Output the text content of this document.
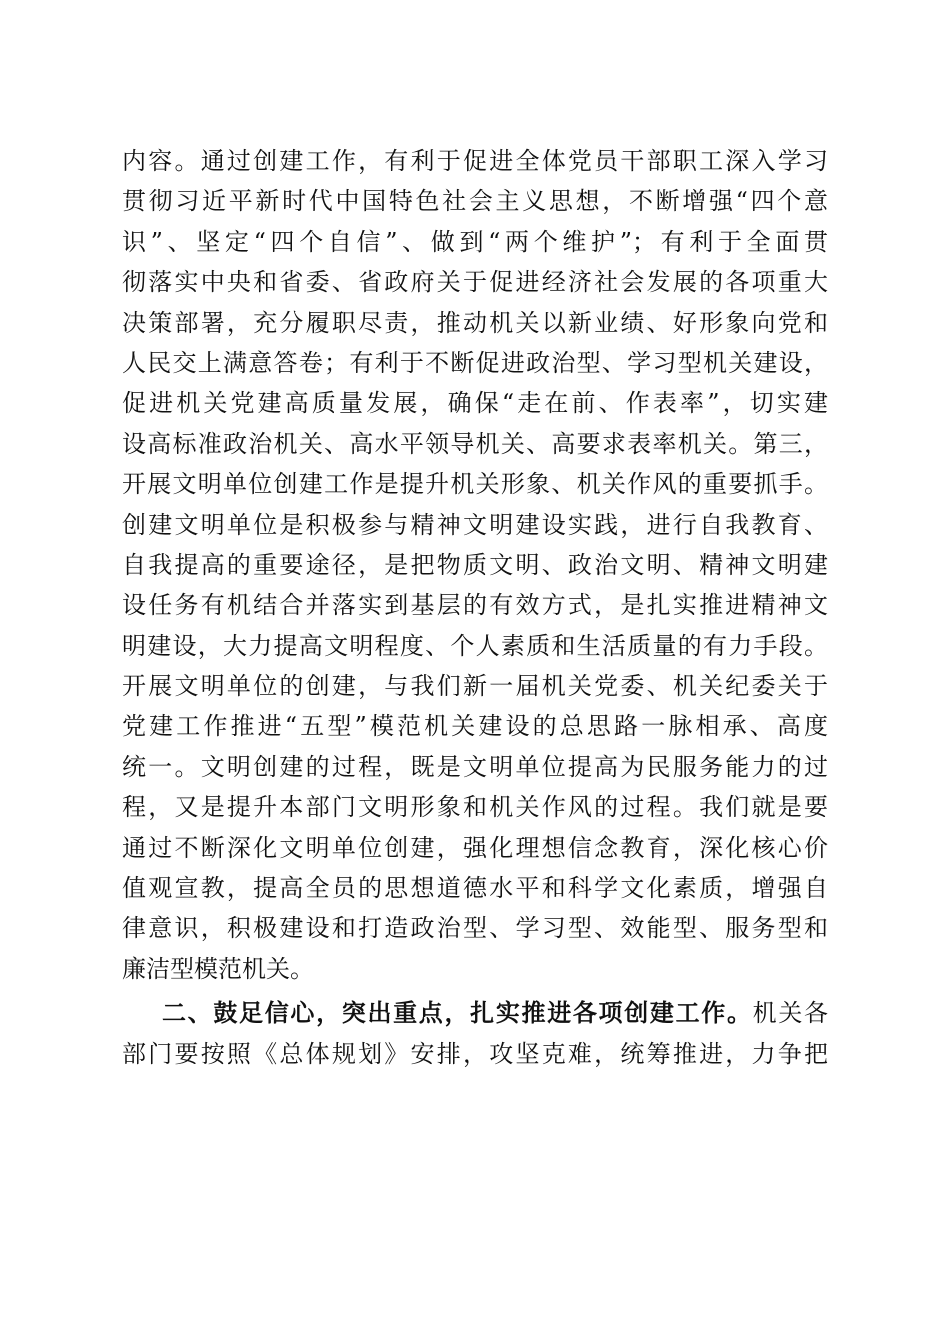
内容。通过创建工作，有利于促进全体党员干部职工深入学习
贯彻习近平新时代中国特色社会主义思想，不断增强“四个意
识”、坚定“四个自信”、做到“两个维护”；有利于全面贯
彻落实中央和省委、省政府关于促进经济社会发展的各项重大
决策部署，充分履职尽责，推动机关以新业绩、好形象向党和
人民交上满意答卷；有利于不断促进政治型、学习型机关建设，
促进机关党建高质量发展，确保“走在前、作表率”，切实建
设高标准政治机关、高水平领导机关、高要求表率机关。第三，
开展文明单位创建工作是提升机关形象、机关作风的重要抓手。
创建文明单位是积极参与精神文明建设实践，进行自我教育、
自我提高的重要途径，是把物质文明、政治文明、精神文明建
设任务有机结合并落实到基层的有效方式，是扎实推进精神文
明建设，大力提高文明程度、个人素质和生活质量的有力手段。
开展文明单位的创建，与我们新一届机关党委、机关纪委关于
党建工作推进“五型”模范机关建设的总思路一脉相承、高度
统一。文明创建的过程，既是文明单位提高为民服务能力的过
程，又是提升本部门文明形象和机关作风的过程。我们就是要
通过不断深化文明单位创建，强化理想信念教育，深化核心价
值观宣教，提高全员的思想道德水平和科学文化素质，增强自
律意识，积极建设和打造政治型、学习型、效能型、服务型和
廉洁型模范机关。
二、鼓足信心，突出重点，扎实推进各项创建工作。机关各
部门要按照《总体规划》安排，攻坚克难，统筹推进，力争把
